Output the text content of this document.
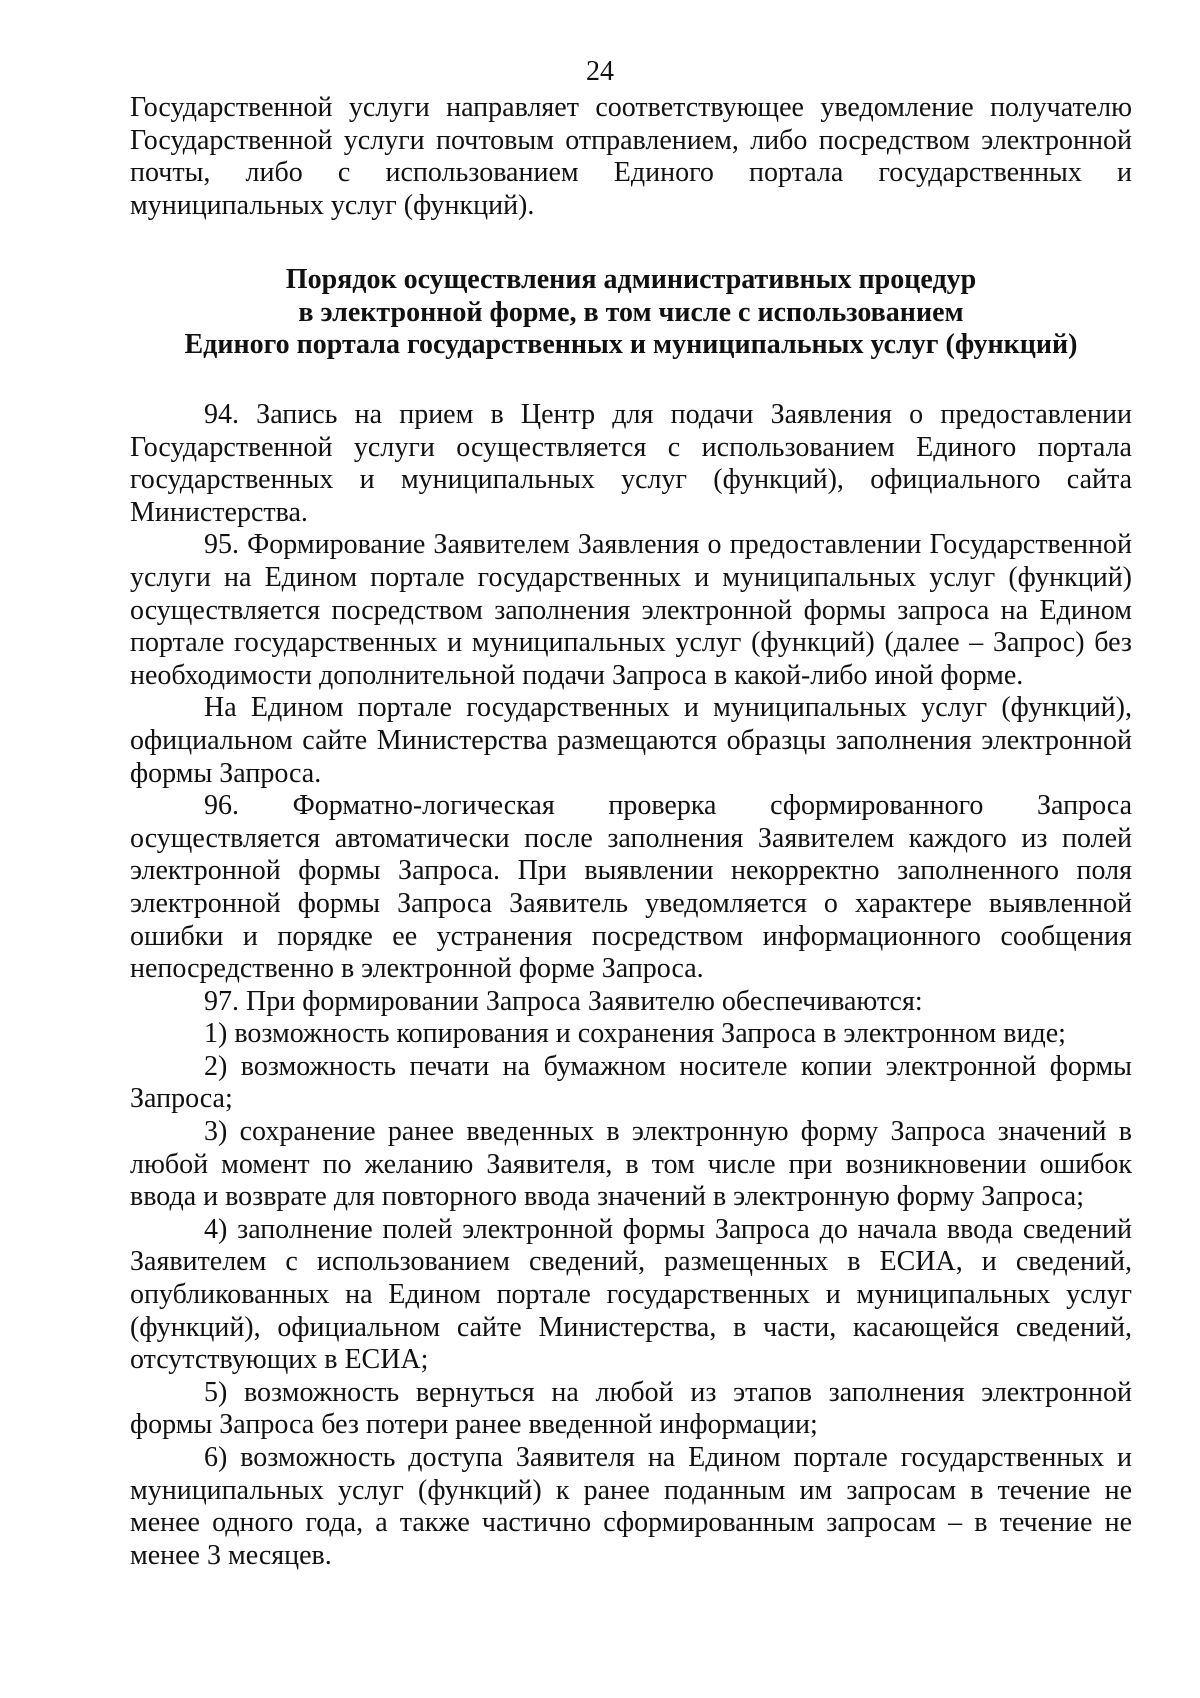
24

Государственной услуги направляет соответствующее уведомление получателю Государственной услуги почтовым отправлением, либо посредством электронной почты, либо с использованием Единого портала государственных и муниципальных услуг (функций).

Порядок осуществления административных процедур
в электронной форме, в том числе с использованием
Единого портала государственных и муниципальных услуг (функций)

94. Запись на прием в Центр для подачи Заявления о предоставлении Государственной услуги осуществляется с использованием Единого портала государственных и муниципальных услуг (функций), официального сайта Министерства.

95. Формирование Заявителем Заявления о предоставлении Государственной услуги на Едином портале государственных и муниципальных услуг (функций) осуществляется посредством заполнения электронной формы запроса на Едином портале государственных и муниципальных услуг (функций) (далее – Запрос) без необходимости дополнительной подачи Запроса в какой-либо иной форме.

На Едином портале государственных и муниципальных услуг (функций), официальном сайте Министерства размещаются образцы заполнения электронной формы Запроса.

96. Форматно-логическая проверка сформированного Запроса осуществляется автоматически после заполнения Заявителем каждого из полей электронной формы Запроса. При выявлении некорректно заполненного поля электронной формы Запроса Заявитель уведомляется о характере выявленной ошибки и порядке ее устранения посредством информационного сообщения непосредственно в электронной форме Запроса.

97. При формировании Запроса Заявителю обеспечиваются:

1) возможность копирования и сохранения Запроса в электронном виде;

2) возможность печати на бумажном носителе копии электронной формы Запроса;

3) сохранение ранее введенных в электронную форму Запроса значений в любой момент по желанию Заявителя, в том числе при возникновении ошибок ввода и возврате для повторного ввода значений в электронную форму Запроса;

4) заполнение полей электронной формы Запроса до начала ввода сведений Заявителем с использованием сведений, размещенных в ЕСИА, и сведений, опубликованных на Едином портале государственных и муниципальных услуг (функций), официальном сайте Министерства, в части, касающейся сведений, отсутствующих в ЕСИА;

5) возможность вернуться на любой из этапов заполнения электронной формы Запроса без потери ранее введенной информации;

6) возможность доступа Заявителя на Едином портале государственных и муниципальных услуг (функций) к ранее поданным им запросам в течение не менее одного года, а также частично сформированным запросам – в течение не менее 3 месяцев.
